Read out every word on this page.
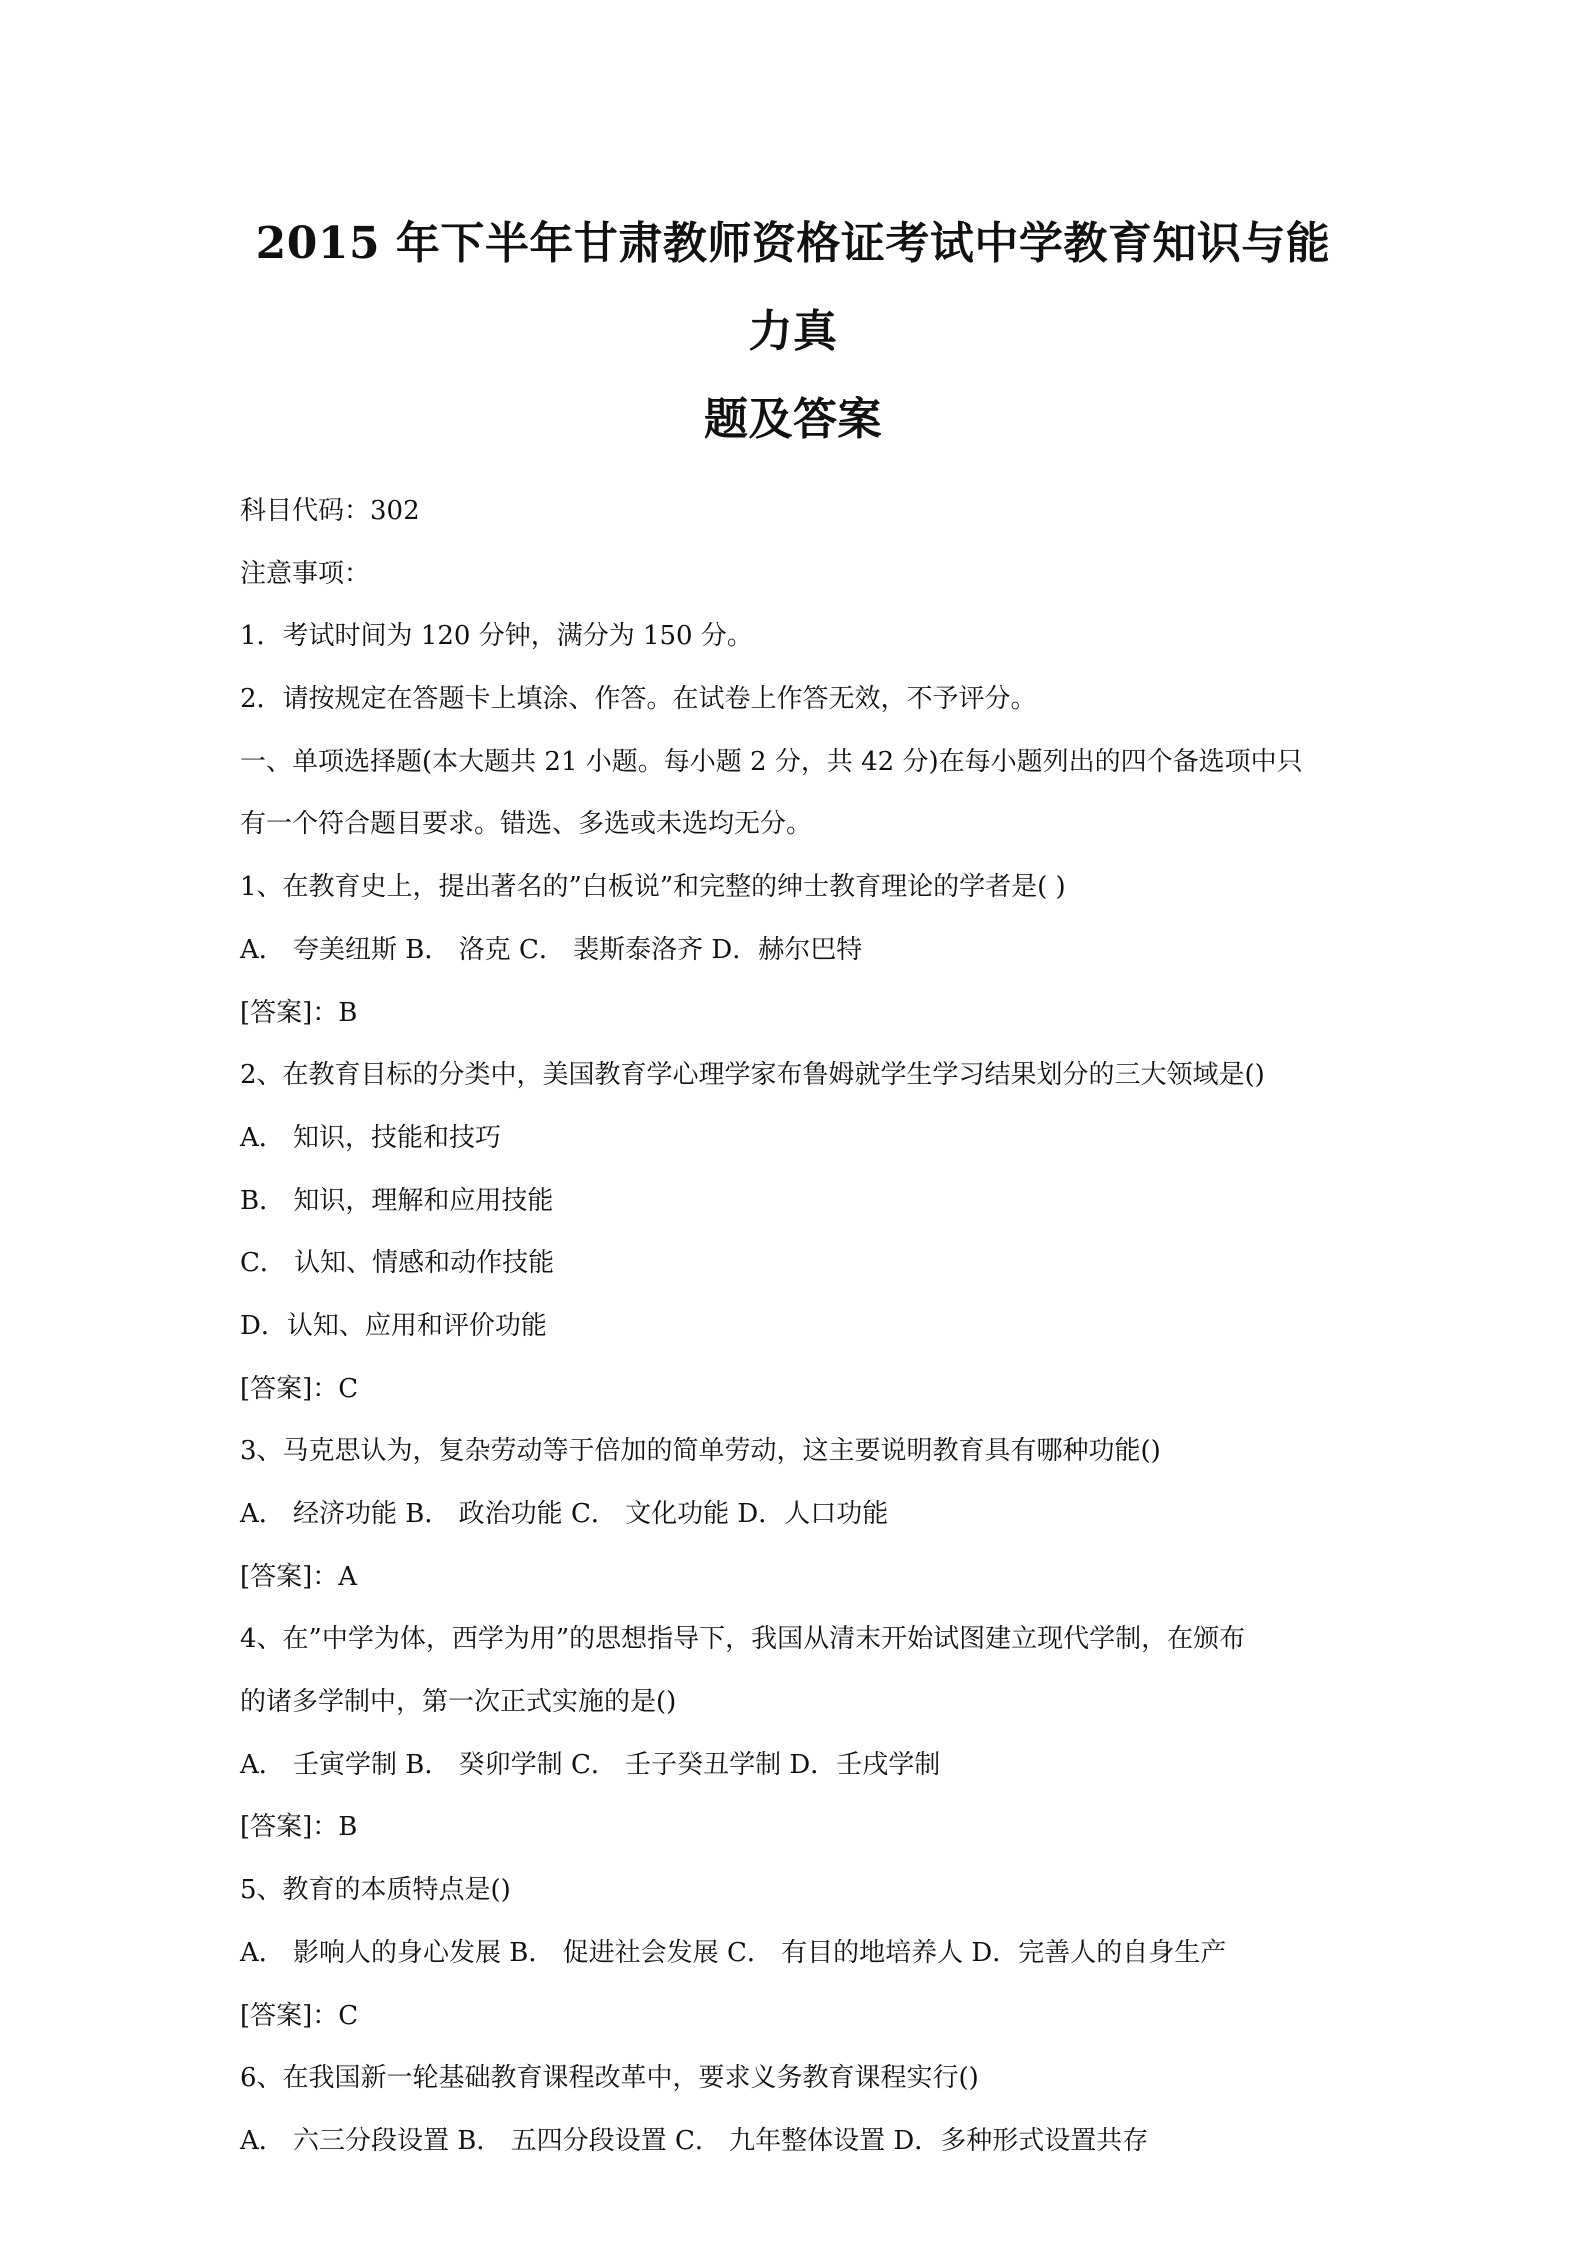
2015 年下半年甘肃教师资格证考试中学教育知识与能力真
题及答案
科目代码：302
注意事项：
1．考试时间为 120 分钟，满分为 150 分。
2．请按规定在答题卡上填涂、作答。在试卷上作答无效，不予评分。
一、单项选择题(本大题共 21 小题。每小题 2 分，共 42 分)在每小题列出的四个备选项中只
有一个符合题目要求。错选、多选或未选均无分。
1、在教育史上，提出著名的”白板说”和完整的绅士教育理论的学者是( )
A． 夸美纽斯 B． 洛克 C． 裴斯泰洛齐 D．赫尔巴特
[答案]：B
2、在教育目标的分类中，美国教育学心理学家布鲁姆就学生学习结果划分的三大领域是()
A． 知识，技能和技巧
B． 知识，理解和应用技能
C． 认知、情感和动作技能
D．认知、应用和评价功能
[答案]：C
3、马克思认为，复杂劳动等于倍加的简单劳动，这主要说明教育具有哪种功能()
A． 经济功能 B． 政治功能 C． 文化功能 D．人口功能
[答案]：A
4、在”中学为体，西学为用”的思想指导下，我国从清末开始试图建立现代学制，在颁布
的诸多学制中，第一次正式实施的是()
A． 壬寅学制 B． 癸卯学制 C． 壬子癸丑学制 D．壬戌学制
[答案]：B
5、教育的本质特点是()
A． 影响人的身心发展 B． 促进社会发展 C． 有目的地培养人 D．完善人的自身生产
[答案]：C
6、在我国新一轮基础教育课程改革中，要求义务教育课程实行()
A． 六三分段设置 B． 五四分段设置 C． 九年整体设置 D．多种形式设置共存
